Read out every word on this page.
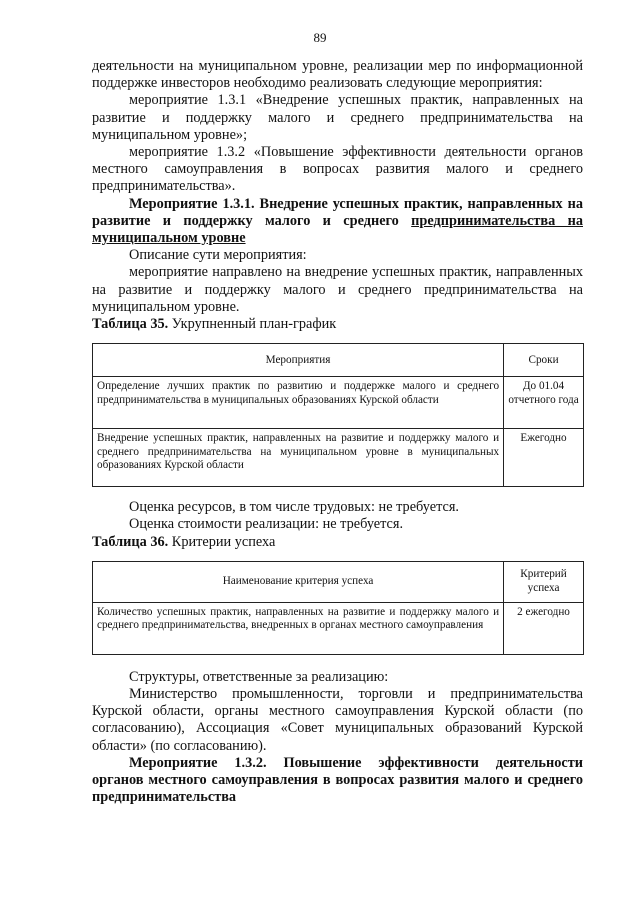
89

деятельности на муниципальном уровне, реализации мер по информационной поддержке инвесторов необходимо реализовать следующие мероприятия:

мероприятие 1.3.1 «Внедрение успешных практик, направленных на развитие и поддержку малого и среднего предпринимательства на муниципальном уровне»;

мероприятие 1.3.2 «Повышение эффективности деятельности органов местного самоуправления в вопросах развития малого и среднего предпринимательства».

Мероприятие 1.3.1. Внедрение успешных практик, направленных на развитие и поддержку малого и среднего предпринимательства на муниципальном уровне

Описание сути мероприятия:

мероприятие направлено на внедрение успешных практик, направленных на развитие и поддержку малого и среднего предпринимательства на муниципальном уровне.

Таблица 35. Укрупненный план-график

Мероприятия	Сроки
Определение лучших практик по развитию и поддержке малого и среднего предпринимательства в муниципальных образованиях Курской области	До 01.04 отчетного года
Внедрение успешных практик, направленных на развитие и поддержку малого и среднего предпринимательства на муниципальном уровне в муниципальных образованиях Курской области	Ежегодно

Оценка ресурсов, в том числе трудовых: не требуется.

Оценка стоимости реализации: не требуется.

Таблица 36. Критерии успеха

Наименование критерия успеха	Критерий успеха
Количество успешных практик, направленных на развитие и поддержку малого и среднего предпринимательства, внедренных в органах местного самоуправления	2 ежегодно

Структуры, ответственные за реализацию:

Министерство промышленности, торговли и предпринимательства Курской области, органы местного самоуправления Курской области (по согласованию), Ассоциация «Совет муниципальных образований Курской области» (по согласованию).

Мероприятие 1.3.2. Повышение эффективности деятельности органов местного самоуправления в вопросах развития малого и среднего предпринимательства
